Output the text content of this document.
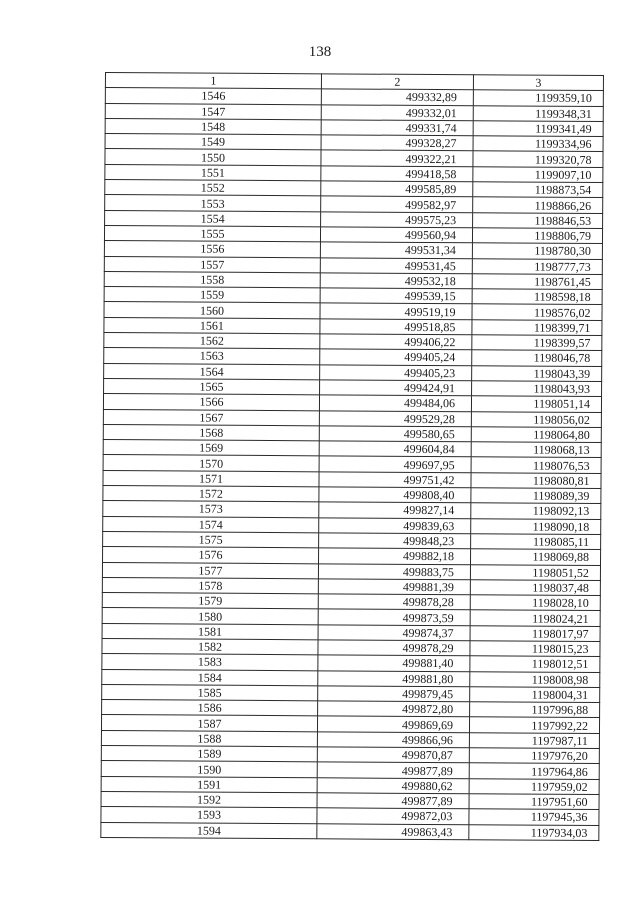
138
1	2	3
1546	499332,89	1199359,10
1547	499332,01	1199348,31
1548	499331,74	1199341,49
1549	499328,27	1199334,96
1550	499322,21	1199320,78
1551	499418,58	1199097,10
1552	499585,89	1198873,54
1553	499582,97	1198866,26
1554	499575,23	1198846,53
1555	499560,94	1198806,79
1556	499531,34	1198780,30
1557	499531,45	1198777,73
1558	499532,18	1198761,45
1559	499539,15	1198598,18
1560	499519,19	1198576,02
1561	499518,85	1198399,71
1562	499406,22	1198399,57
1563	499405,24	1198046,78
1564	499405,23	1198043,39
1565	499424,91	1198043,93
1566	499484,06	1198051,14
1567	499529,28	1198056,02
1568	499580,65	1198064,80
1569	499604,84	1198068,13
1570	499697,95	1198076,53
1571	499751,42	1198080,81
1572	499808,40	1198089,39
1573	499827,14	1198092,13
1574	499839,63	1198090,18
1575	499848,23	1198085,11
1576	499882,18	1198069,88
1577	499883,75	1198051,52
1578	499881,39	1198037,48
1579	499878,28	1198028,10
1580	499873,59	1198024,21
1581	499874,37	1198017,97
1582	499878,29	1198015,23
1583	499881,40	1198012,51
1584	499881,80	1198008,98
1585	499879,45	1198004,31
1586	499872,80	1197996,88
1587	499869,69	1197992,22
1588	499866,96	1197987,11
1589	499870,87	1197976,20
1590	499877,89	1197964,86
1591	499880,62	1197959,02
1592	499877,89	1197951,60
1593	499872,03	1197945,36
1594	499863,43	1197934,03
